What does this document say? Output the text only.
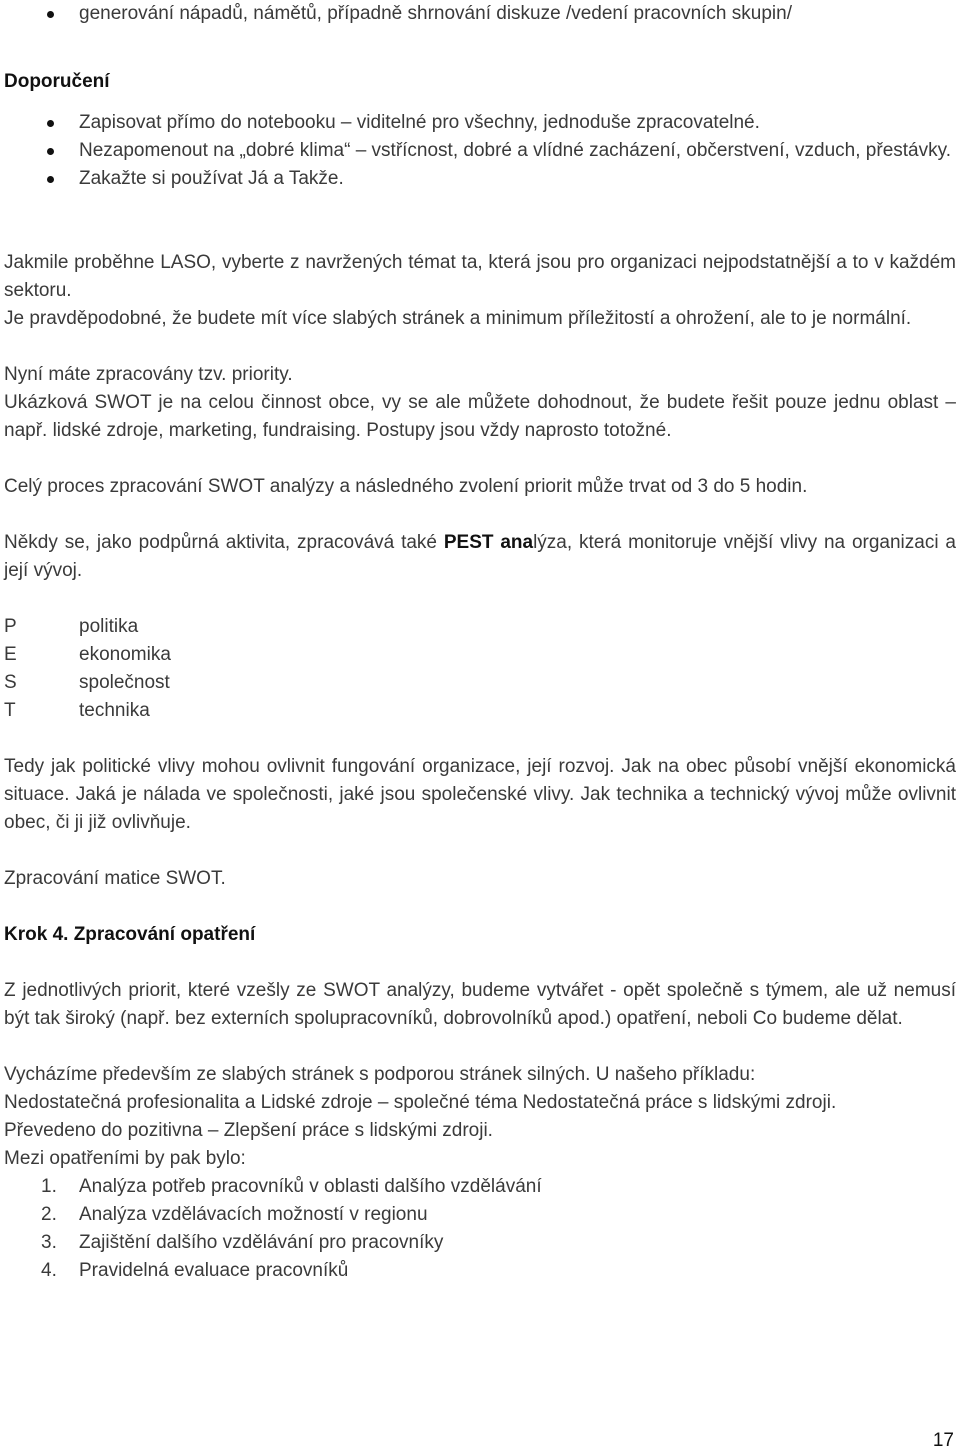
generování nápadů, námětů, případně shrnování diskuze /vedení pracovních skupin/

Doporučení

Zapisovat přímo do notebooku – viditelné pro všechny, jednoduše zpracovatelné.
Nezapomenout na „dobré klima“ – vstřícnost, dobré a vlídné zacházení, občerstvení, vzduch, přestávky.
Zakažte si používat Já a Takže.

Jakmile proběhne LASO, vyberte z navržených témat ta, která jsou pro organizaci nejpodstatnější a to v každém sektoru.

Je pravděpodobné, že budete mít více slabých stránek a minimum příležitostí a ohrožení, ale to je normální.

Nyní máte zpracovány tzv. priority.

Ukázková SWOT je na celou činnost obce, vy se ale můžete dohodnout, že budete řešit pouze jednu oblast – např. lidské zdroje, marketing, fundraising. Postupy jsou vždy naprosto totožné.

Celý proces zpracování SWOT analýzy a následného zvolení priorit může trvat od 3 do 5 hodin.

Někdy se, jako podpůrná aktivita, zpracovává také PEST analýza, která monitoruje vnější vlivy na organizaci a její vývoj.

P	politika
E	ekonomika
S	společnost
T	technika

Tedy jak politické vlivy mohou ovlivnit fungování organizace, její rozvoj. Jak na obec působí vnější ekonomická situace. Jaká je nálada ve společnosti, jaké jsou společenské vlivy. Jak technika a technický vývoj může ovlivnit obec, či ji již ovlivňuje.

Zpracování matice SWOT.

Krok 4. Zpracování opatření

Z jednotlivých priorit, které vzešly ze SWOT analýzy, budeme vytvářet - opět společně s týmem, ale už nemusí být tak široký (např. bez externích spolupracovníků, dobrovolníků apod.) opatření, neboli Co budeme dělat.

Vycházíme především ze slabých stránek s podporou stránek silných. U našeho příkladu:

Nedostatečná profesionalita a Lidské zdroje – společné téma Nedostatečná práce s lidskými zdroji.

Převedeno do pozitivna – Zlepšení práce s lidskými zdroji.

Mezi opatřeními by pak bylo:

1.	Analýza potřeb pracovníků v oblasti dalšího vzdělávání
2.	Analýza vzdělávacích možností v regionu
3.	Zajištění dalšího vzdělávání pro pracovníky
4.	Pravidelná evaluace pracovníků
17
